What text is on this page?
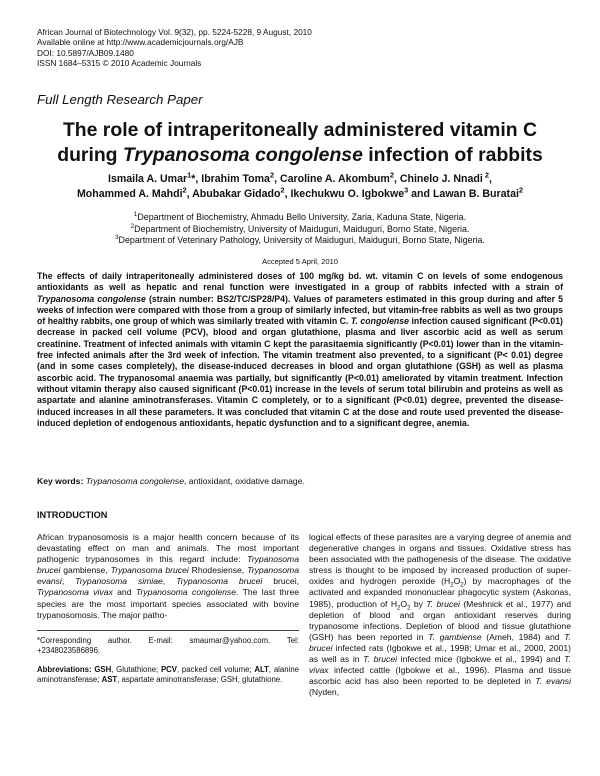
African Journal of Biotechnology Vol. 9(32), pp. 5224-5228, 9 August, 2010
Available online at http://www.academicjournals.org/AJB
DOI: 10.5897/AJB09.1480
ISSN 1684–5315 © 2010 Academic Journals
Full Length Research Paper
The role of intraperitoneally administered vitamin C
during Trypanosoma congolense infection of rabbits
Ismaila A. Umar$^1$*, Ibrahim Toma$^2$, Caroline A. Akombum$^2$, Chinelo J. Nnadi $^2$,
Mohammed A. Mahdi$^2$, Abubakar Gidado$^2$, Ikechukwu O. Igbokwe$^3$ and Lawan B. Buratai$^2$
$^1$Department of Biochemistry, Ahmadu Bello University, Zaria, Kaduna State, Nigeria.
$^2$Department of Biochemistry, University of Maiduguri, Maiduguri, Borno State, Nigeria.
$^3$Department of Veterinary Pathology, University of Maiduguri, Maiduguri, Borno State, Nigeria.
Accepted 5 April, 2010
The effects of daily intraperitoneally administered doses of 100 mg/kg bd. wt. vitamin C on levels of some endogenous antioxidants as well as hepatic and renal function were investigated in a group of rabbits infected with a strain of Trypanosoma congolense (strain number: BS2/TC/SP28/P4). Values of parameters estimated in this group during and after 5 weeks of infection were compared with those from a group of similarly infected, but vitamin-free rabbits as well as two groups of healthy rabbits, one group of which was similarly treated with vitamin C. T. congolense infection caused significant (P<0.01) decrease in packed cell volume (PCV), blood and organ glutathione, plasma and liver ascorbic acid as well as serum creatinine. Treatment of infected animals with vitamin C kept the parasitaemia significantly (P<0.01) lower than in the vitamin-free infected animals after the 3rd week of infection. The vitamin treatment also prevented, to a significant (P< 0.01) degree (and in some cases completely), the disease-induced decreases in blood and organ glutathione (GSH) as well as plasma ascorbic acid. The trypanosomal anaemia was partially, but significantly (P<0.01) ameliorated by vitamin treatment. Infection without vitamin therapy also caused significant (P<0.01) increase in the levels of serum total bilirubin and proteins as well as aspartate and alanine aminotransferases. Vitamin C completely, or to a significant (P<0.01) degree, prevented the disease-induced increases in all these parameters. It was concluded that vitamin C at the dose and route used prevented the disease-induced depletion of endogenous antioxidants, hepatic dysfunction and to a significant degree, anemia.
Key words: Trypanosoma congolense, antioxidant, oxidative damage.
INTRODUCTION
African trypanosomosis is a major health concern because of its devastating effect on man and animals. The most important pathogenic trypanosomes in this regard include: Trypanosoma brucei gambiense, Trypanosoma brucei Rhodesiense, Trypanosoma evansi, Trypanosoma simiae, Trypanosoma brucei brucei, Trypanosoma vivax and Trypanosoma congolense. The last three species are the most important species associated with bovine trypanosomosis. The major patho-
logical effects of these parasites are a varying degree of anemia and degenerative changes in organs and tissues. Oxidative stress has been associated with the pathogenesis of the disease. The oxidative stress is thought to be imposed by increased production of super-oxides and hydrogen peroxide $(H_2O_2)$ by macrophages of the activated and expanded mononuclear phagocytic system (Askonas, 1985), production of $H_2O_2$ by T. brucei (Meshnick et al., 1977) and depletion of blood and organ antioxidant reserves during trypanosome infections. Depletion of blood and tissue glutathione (GSH) has been reported in T. gambiense (Ameh, 1984) and T. brucei infected rats (Igbokwe et al., 1998; Umar et al., 2000, 2001) as well as in T. brucei infected mice (Igbokwe et al., 1994) and T. vivax infected cattle (Igbokwe et al., 1996). Plasma and tissue ascorbic acid has also been reported to be depleted in T. evansi (Nyden,
*Corresponding author. E-mail: smaumar@yahoo.com. Tel: +2348023586896.
Abbreviations: GSH, Glutathione; PCV, packed cell volume; ALT, alanine aminotransferase; AST, aspartate aminotransferase; GSH, glutathione.
